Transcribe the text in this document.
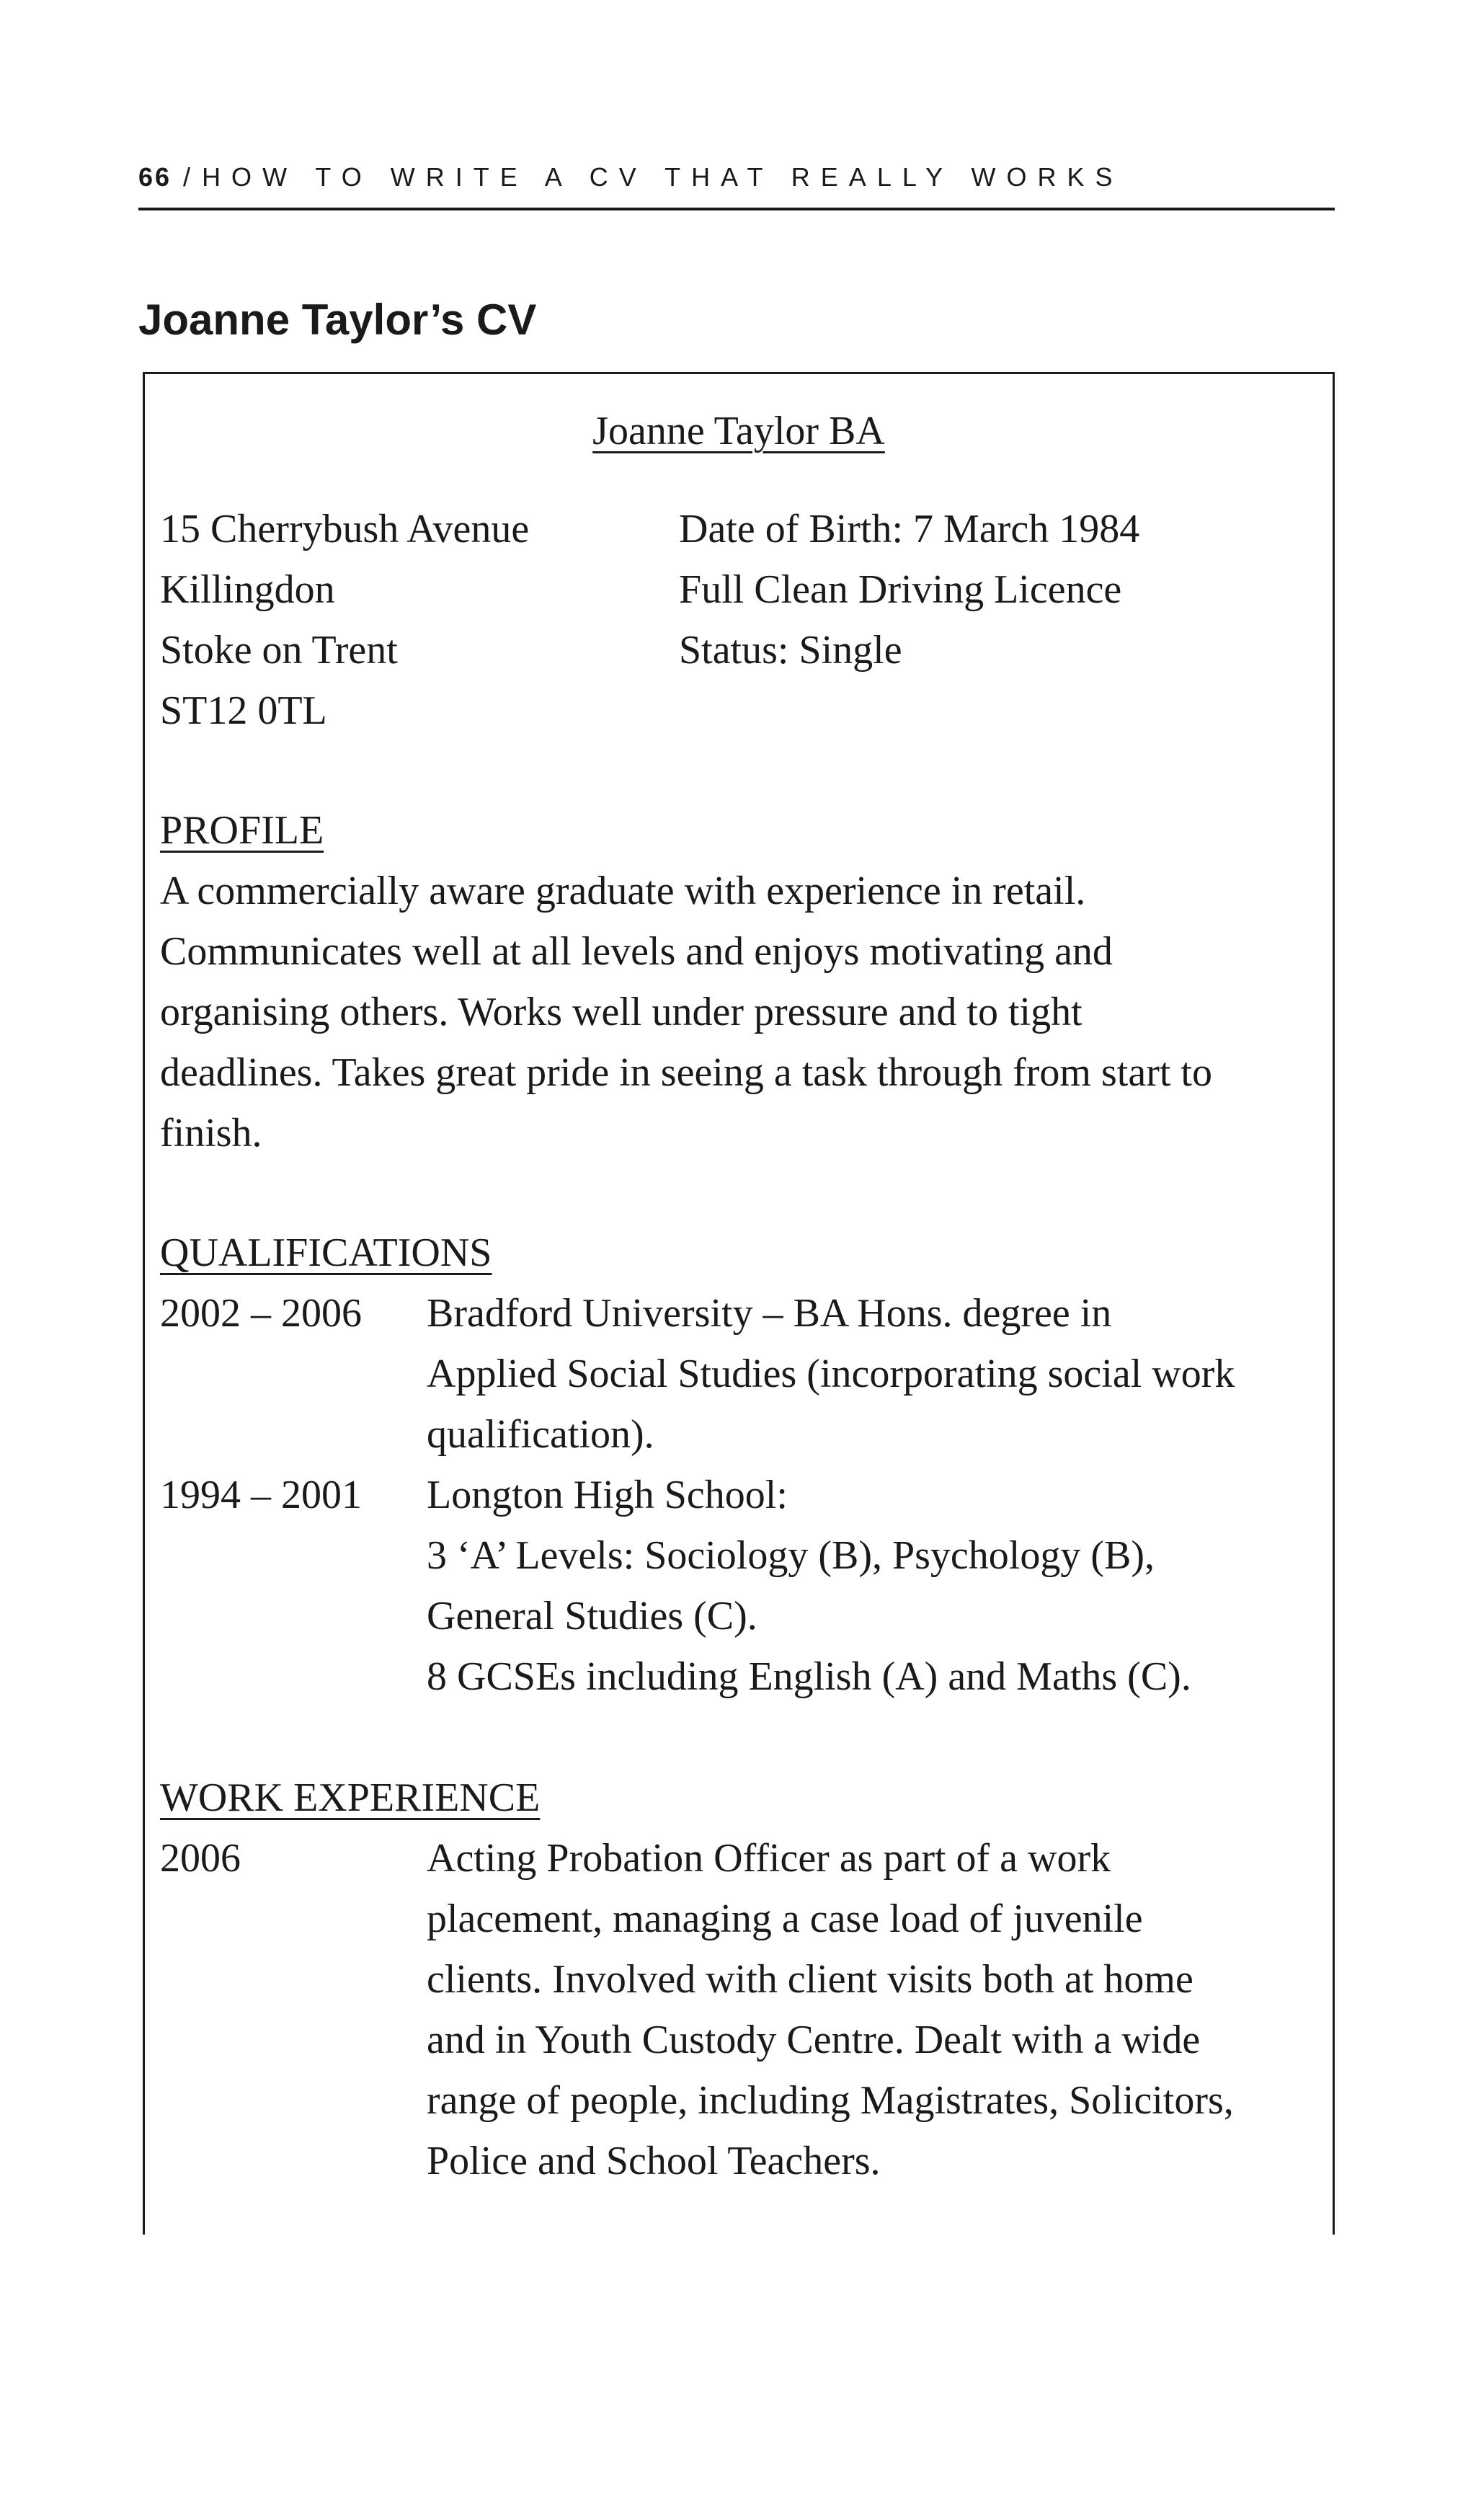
66 / HOW TO WRITE A CV THAT REALLY WORKS
Joanne Taylor’s CV
Joanne Taylor BA
15 Cherrybush Avenue
Killingdon
Stoke on Trent
ST12 0TL
Date of Birth: 7 March 1984
Full Clean Driving Licence
Status: Single
PROFILE
A commercially aware graduate with experience in retail.
Communicates well at all levels and enjoys motivating and
organising others. Works well under pressure and to tight
deadlines. Takes great pride in seeing a task through from start to
finish.
QUALIFICATIONS
2002 – 2006 Bradford University – BA Hons. degree in
Applied Social Studies (incorporating social work
qualification).
1994 – 2001 Longton High School:
3 ‘A’ Levels: Sociology (B), Psychology (B),
General Studies (C).
8 GCSEs including English (A) and Maths (C).
WORK EXPERIENCE
2006	Acting Probation Officer as part of a work
placement, managing a case load of juvenile
clients. Involved with client visits both at home
and in Youth Custody Centre. Dealt with a wide
range of people, including Magistrates, Solicitors,
Police and School Teachers.
